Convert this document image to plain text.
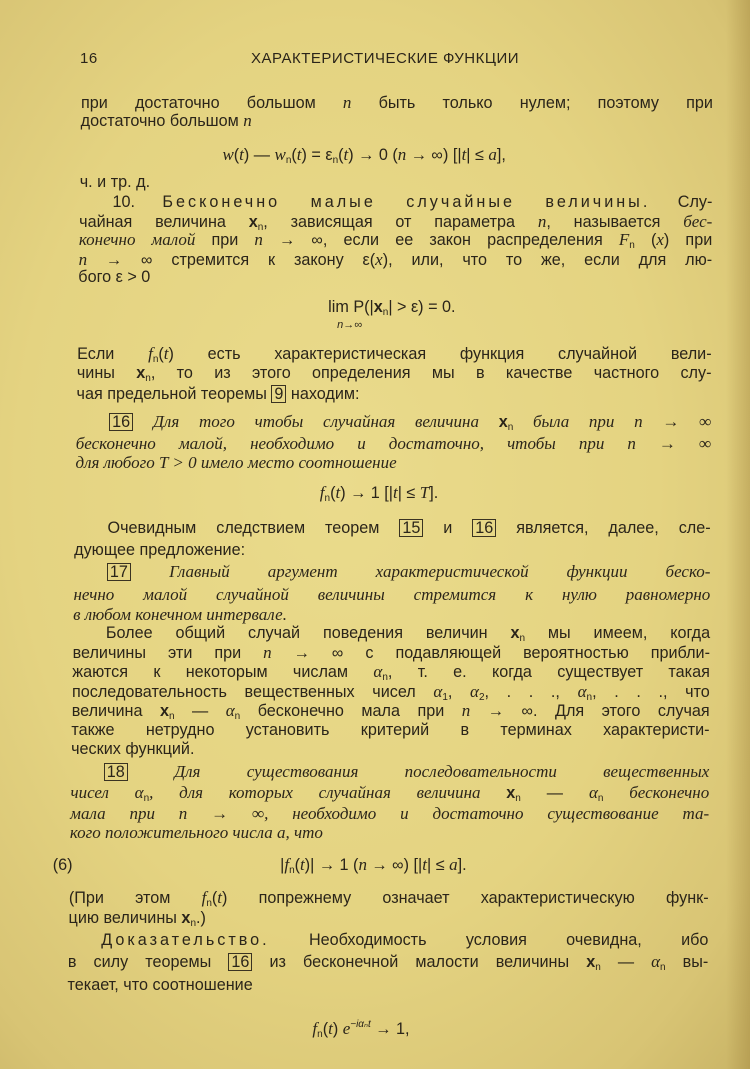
16	ХАРАКТЕРИСТИЧЕСКИЕ ФУНКЦИИ
при достаточно большом n быть только нулем; поэтому при
достаточно большом n
w(t) — $w_n(t) = \varepsilon_n(t) \to 0$ (n → ∞) [|t| ≤ a],
ч. и тр. д.
10. Бесконечно малые случайные величины. Слу-
чайная величина $x_n$, зависящая от параметра n, называется бес-
конечно малой при n → ∞, если ее закон распределения $F_n$ (x) при
n → ∞ стремится к закону ε(x), или, что то же, если для лю-
бого ε > 0
$\lim P(|x_n| > \varepsilon) = 0$.
n→∞
Если $f_n(t)$ есть характеристическая функция случайной вели-
чины $x_n$, то из этого определения мы в качестве частного слу-
чая предельной теоремы 9 находим:
16 Для того чтобы случайная величина $x_n$ была при n → ∞
бесконечно малой, необходимо и достаточно, чтобы при n → ∞
для любого T > 0 имело место соотношение
$f_n(t) \to 1$ [|t| ≤ T].
Очевидным следствием теорем 15 и 16 является, далее, сле-
дующее предложение:
17 Главный аргумент характеристической функции беско-
нечно малой случайной величины стремится к нулю равномерно
в любом конечном интервале.
Более общий случай поведения величин $x_n$ мы имеем, когда
величины эти при n → ∞ с подавляющей вероятностью прибли-
жаются к некоторым числам $\alpha_n$, т. е. когда существует такая
последовательность вещественных чисел $\alpha_1$, $\alpha_2$, . . ., $\alpha_n$, . . ., что
величина $x_n$ — $\alpha_n$ бесконечно мала при n → ∞. Для этого случая
также нетрудно установить критерий в терминах характеристи-
ческих функций.
18	Для существования последовательности вещественных
чисел $\alpha_n$, для которых случайная величина $x_n$ — $\alpha_n$ бесконечно
мала при n → ∞, необходимо и достаточно существование та-
кого положительного числа a, что
(6)	$|f_n(t)| \to 1$ (n → ∞) [|t| ≤ a].
(При этом $f_n(t)$ попрежнему означает характеристическую функ-
цию величины $x_n$.)
Доказательство. Необходимость условия очевидна, ибо
в силу теоремы 16 из бесконечной малости величины $x_n$ — $\alpha_n$ вы-
текает, что соотношение
$f_n(t) e^{-i\alpha_nt} \to 1$,
